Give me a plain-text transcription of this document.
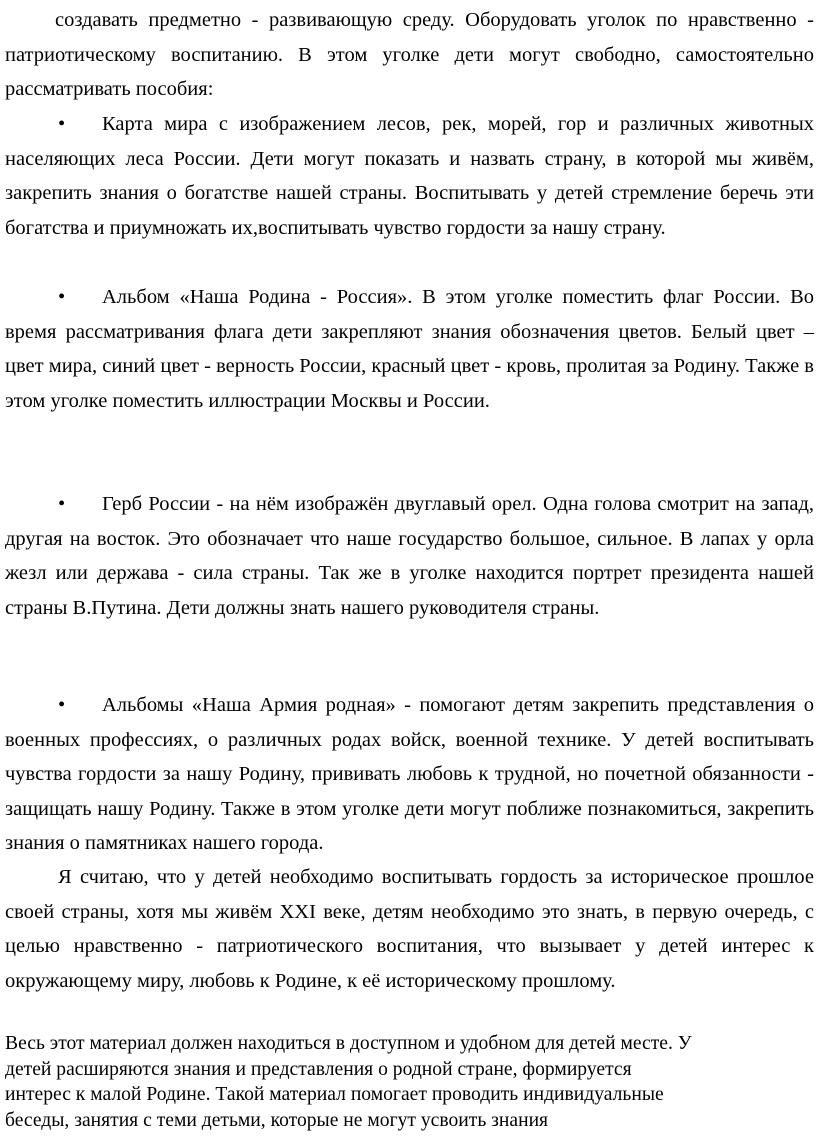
создавать предметно - развивающую среду. Оборудовать уголок по нравственно - патриотическому воспитанию. В этом уголке дети могут свободно, самостоятельно рассматривать пособия:

• Карта мира с изображением лесов, рек, морей, гор и различных животных населяющих леса России. Дети могут показать и назвать страну, в которой мы живём, закрепить знания о богатстве нашей страны. Воспитывать у детей стремление беречь эти богатства и приумножать их,воспитывать чувство гордости за нашу страну.

• Альбом «Наша Родина - Россия». В этом уголке поместить флаг России. Во время рассматривания флага дети закрепляют знания обозначения цветов. Белый цвет – цвет мира, синий цвет - верность России, красный цвет - кровь, пролитая за Родину. Также в этом уголке поместить иллюстрации Москвы и России.

• Герб России - на нём изображён двуглавый орел. Одна голова смотрит на запад, другая на восток. Это обозначает что наше государство большое, сильное. В лапах у орла жезл или держава - сила страны. Так же в уголке находится портрет президента нашей страны В.Путина. Дети должны знать нашего руководителя страны.

• Альбомы «Наша Армия родная» - помогают детям закрепить представления о военных профессиях, о различных родах войск, военной технике. У детей воспитывать чувства гордости за нашу Родину, прививать любовь к трудной, но почетной обязанности - защищать нашу Родину. Также в этом уголке дети могут поближе познакомиться, закрепить знания о памятниках нашего города.

Я считаю, что у детей необходимо воспитывать гордость за историческое прошлое своей страны, хотя мы живём XXI веке, детям необходимо это знать, в первую очередь, с целью нравственно - патриотического воспитания, что вызывает у детей интерес к окружающему миру, любовь к Родине, к её историческому прошлому.

Весь этот материал должен находиться в доступном и удобном для детей месте. У
детей расширяются знания и представления о родной стране, формируется
интерес к малой Родине. Такой материал помогает проводить индивидуальные
беседы, занятия с теми детьми, которые не могут усвоить знания
